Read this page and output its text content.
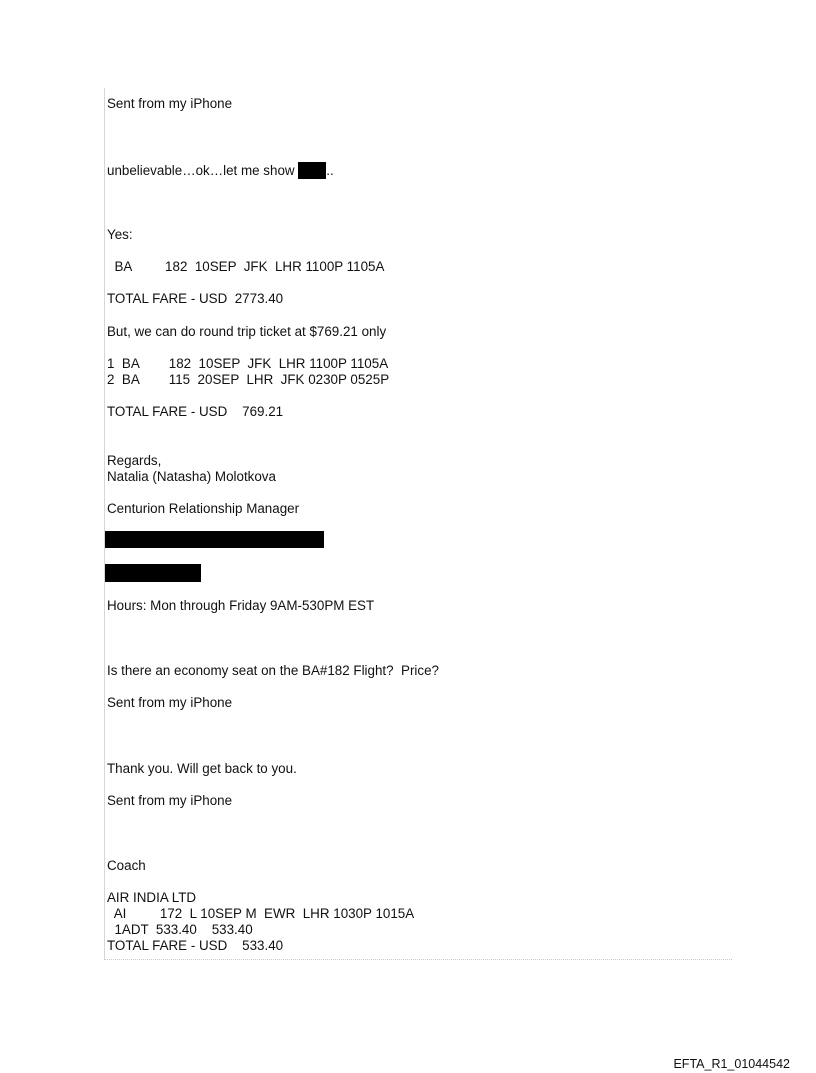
Sent from my iPhone
unbelievable…ok…let me show ..
Yes:
BA         182  10SEP  JFK  LHR 1100P 1105A
TOTAL FARE - USD  2773.40
But, we can do round trip ticket at $769.21 only
1  BA        182  10SEP  JFK  LHR 1100P 1105A
2  BA        115  20SEP  LHR  JFK 0230P 0525P
TOTAL FARE - USD    769.21
Regards,
Natalia (Natasha) Molotkova
Centurion Relationship Manager
Hours: Mon through Friday 9AM-530PM EST
Is there an economy seat on the BA#182 Flight?  Price?
Sent from my iPhone
Thank you. Will get back to you.
Sent from my iPhone
Coach
AIR INDIA LTD
AI         172  L 10SEP M  EWR  LHR 1030P 1015A
1ADT  533.40    533.40
TOTAL FARE - USD    533.40
EFTA_R1_01044542
